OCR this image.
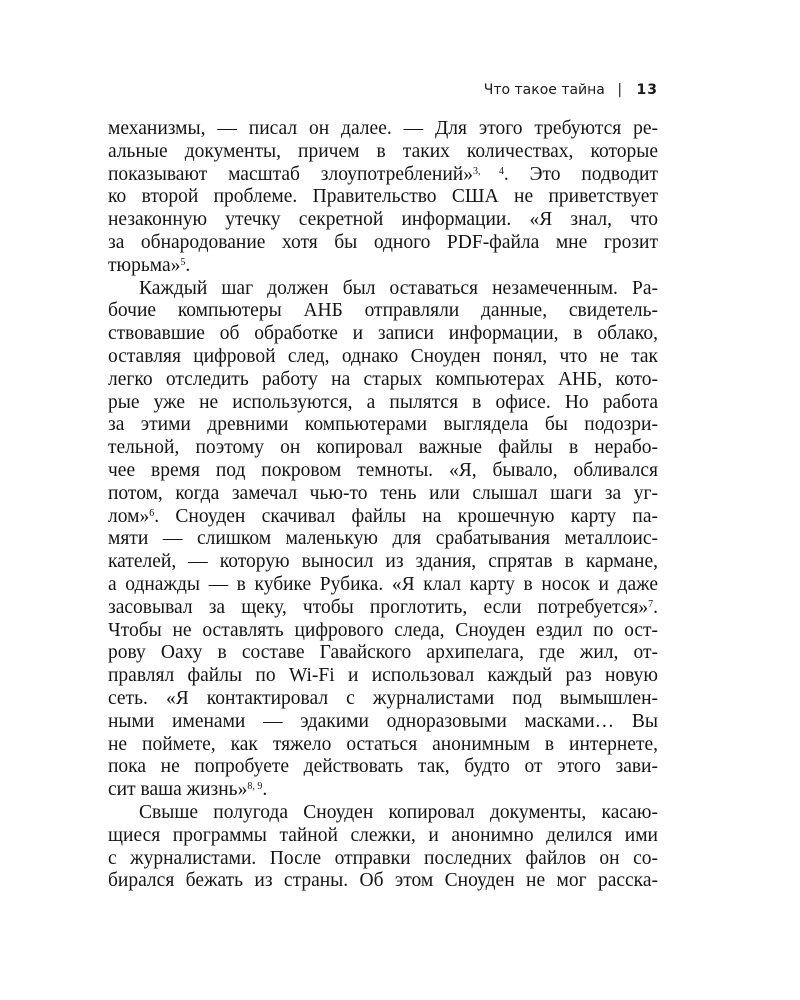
Что такое тайна | 13
механизмы, — писал он далее. — Для этого требуются ре-
альные документы, причем в таких количествах, которые
показывают масштаб злоупотреблений»$^{3, 4}$. Это подводит
ко второй проблеме. Правительство США не приветствует
незаконную утечку секретной информации. «Я знал, что
за обнародование хотя бы одного PDF-файла мне грозит
тюрьма»$^5$.
Каждый шаг должен был оставаться незамеченным. Ра-
бочие компьютеры АНБ отправляли данные, свидетель-
ствовавшие об обработке и записи информации, в облако,
оставляя цифровой след, однако Сноуден понял, что не так
легко отследить работу на старых компьютерах АНБ, кото-
рые уже не используются, а пылятся в офисе. Но работа
за этими древними компьютерами выглядела бы подозри-
тельной, поэтому он копировал важные файлы в нерабо-
чее время под покровом темноты. «Я, бывало, обливался
потом, когда замечал чью-то тень или слышал шаги за уг-
лом»$^6$. Сноуден скачивал файлы на крошечную карту па-
мяти — слишком маленькую для срабатывания металлоис-
кателей, — которую выносил из здания, спрятав в кармане,
а однажды — в кубике Рубика. «Я клал карту в носок и даже
засовывал за щеку, чтобы проглотить, если потребуется»$^7$.
Чтобы не оставлять цифрового следа, Сноуден ездил по ост-
рову Оаху в составе Гавайского архипелага, где жил, от-
правлял файлы по Wi-Fi и использовал каждый раз новую
сеть. «Я контактировал с журналистами под вымышлен-
ными именами — эдакими одноразовыми масками… Вы
не поймете, как тяжело остаться анонимным в интернете,
пока не попробуете действовать так, будто от этого зави-
сит ваша жизнь»$^{8, 9}$.
Свыше полугода Сноуден копировал документы, касаю-
щиеся программы тайной слежки, и анонимно делился ими
с журналистами. После отправки последних файлов он со-
бирался бежать из страны. Об этом Сноуден не мог расска-
